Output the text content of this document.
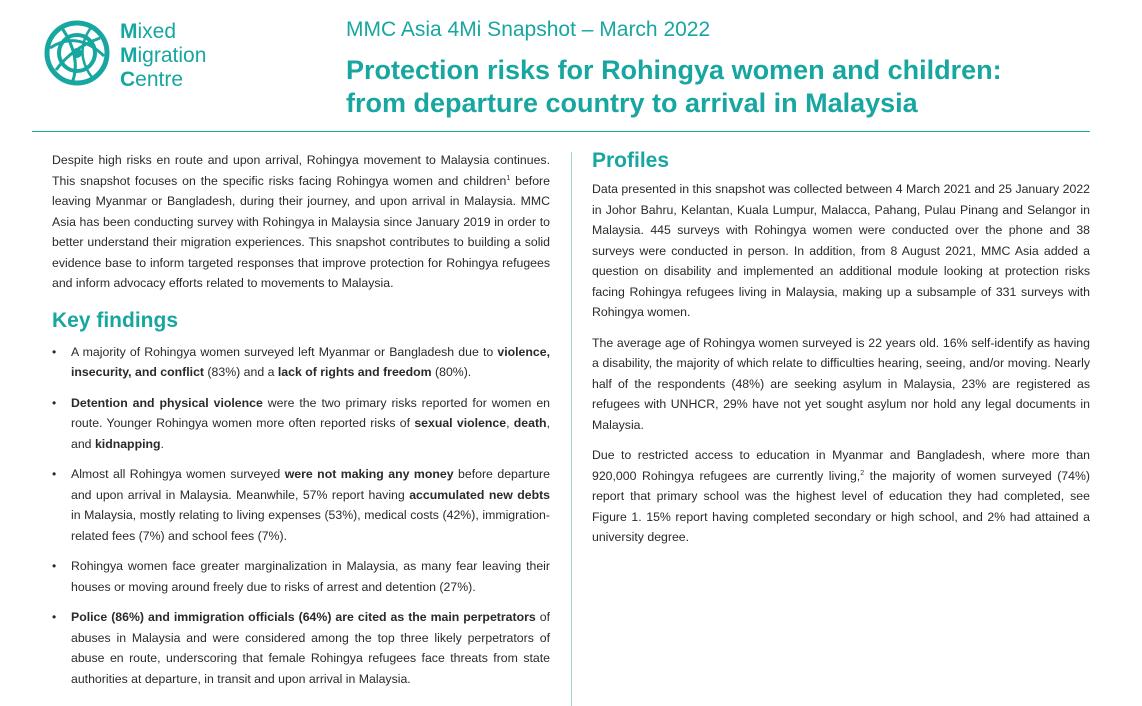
Mixed
Migration
Centre
MMC Asia 4Mi Snapshot – March 2022
Protection risks for Rohingya women and children:
from departure country to arrival in Malaysia

Despite high risks en route and upon arrival, Rohingya movement to Malaysia continues. This snapshot focuses on the specific risks facing Rohingya women and children$^1$ before leaving Myanmar or Bangladesh, during their journey, and upon arrival in Malaysia. MMC Asia has been conducting survey with Rohingya in Malaysia since January 2019 in order to better understand their migration experiences. This snapshot contributes to building a solid evidence base to inform targeted responses that improve protection for Rohingya refugees and inform advocacy efforts related to movements to Malaysia.

Key findings
• A majority of Rohingya women surveyed left Myanmar or Bangladesh due to violence, insecurity, and conflict (83%) and a lack of rights and freedom (80%).
• Detention and physical violence were the two primary risks reported for women en route. Younger Rohingya women more often reported risks of sexual violence, death, and kidnapping.
• Almost all Rohingya women surveyed were not making any money before departure and upon arrival in Malaysia. Meanwhile, 57% report having accumulated new debts in Malaysia, mostly relating to living expenses (53%), medical costs (42%), immigration-related fees (7%) and school fees (7%).
• Rohingya women face greater marginalization in Malaysia, as many fear leaving their houses or moving around freely due to risks of arrest and detention (27%).
• Police (86%) and immigration officials (64%) are cited as the main perpetrators of abuses in Malaysia and were considered among the top three likely perpetrators of abuse en route, underscoring that female Rohingya refugees face threats from state authorities at departure, in transit and upon arrival in Malaysia.
Profiles

Data presented in this snapshot was collected between 4 March 2021 and 25 January 2022 in Johor Bahru, Kelantan, Kuala Lumpur, Malacca, Pahang, Pulau Pinang and Selangor in Malaysia. 445 surveys with Rohingya women were conducted over the phone and 38 surveys were conducted in person. In addition, from 8 August 2021, MMC Asia added a question on disability and implemented an additional module looking at protection risks facing Rohingya refugees living in Malaysia, making up a subsample of 331 surveys with Rohingya women.

The average age of Rohingya women surveyed is 22 years old. 16% self-identify as having a disability, the majority of which relate to difficulties hearing, seeing, and/or moving. Nearly half of the respondents (48%) are seeking asylum in Malaysia, 23% are registered as refugees with UNHCR, 29% have not yet sought asylum nor hold any legal documents in Malaysia.

Due to restricted access to education in Myanmar and Bangladesh, where more than 920,000 Rohingya refugees are currently living,$^2$ the majority of women surveyed (74%) report that primary school was the highest level of education they had completed, see Figure 1. 15% report having completed secondary or high school, and 2% had attained a university degree.
